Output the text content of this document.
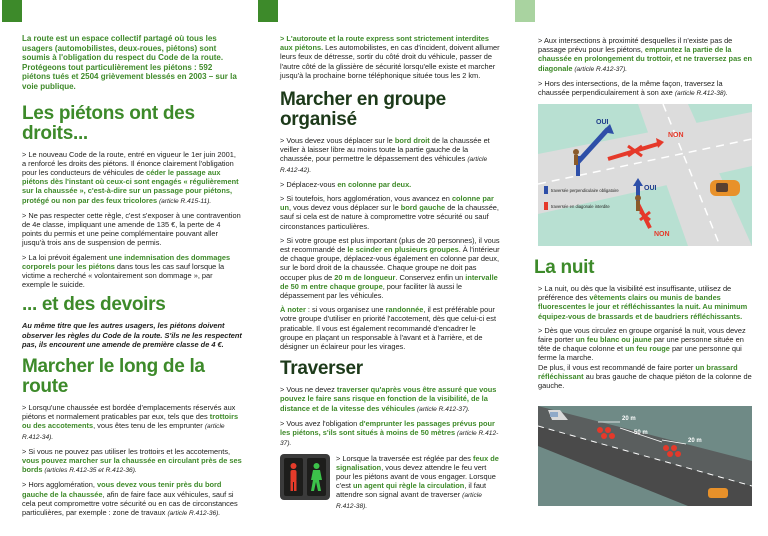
La route est un espace collectif partagé où tous les usagers (automobilistes, deux-roues, piétons) sont soumis à l'obligation du respect du Code de la route. Protégeons tout particulièrement les piétons : 592 piétons tués et 2504 grièvement blessés en 2003 – sur la voie publique.

Les piétons ont des droits...

> Le nouveau Code de la route, entré en vigueur le 1er juin 2001, a renforcé les droits des piétons. Il énonce clairement l'obligation pour les conducteurs de véhicules de céder le passage aux piétons dès l'instant où ceux-ci sont engagés « régulièrement sur la chaussée », c'est-à-dire sur un passage pour piétons, protégé ou non par des feux tricolores (article R.415-11).

> Ne pas respecter cette règle, c'est s'exposer à une contravention de 4e classe, impliquant une amende de 135 €, la perte de 4 points du permis et une peine complémentaire pouvant aller jusqu'à trois ans de suspension de permis.

> La loi prévoit également une indemnisation des dommages corporels pour les piétons dans tous les cas sauf lorsque la victime a recherché « volontairement son dommage », par exemple le suicide.

... et des devoirs

Au même titre que les autres usagers, les piétons doivent observer les règles du Code de la route. S'ils ne les respectent pas, ils encourent une amende de première classe de 4 €.

Marcher le long de la route

> Lorsqu'une chaussée est bordée d'emplacements réservés aux piétons et normalement praticables par eux, tels que des trottoirs ou des accotements, vous êtes tenu de les emprunter (article R.412-34).

> Si vous ne pouvez pas utiliser les trottoirs et les accotements, vous pouvez marcher sur la chaussée en circulant près de ses bords (articles R.412-35 et R.412-36).

> Hors agglomération, vous devez vous tenir près du bord gauche de la chaussée, afin de faire face aux véhicules, sauf si cela peut compromettre votre sécurité ou en cas de circonstances particulières, par exemple : zone de travaux (article R.412-36).

> L'autoroute et la route express sont strictement interdites aux piétons. Les automobilistes, en cas d'incident, doivent allumer leurs feux de détresse, sortir du côté droit du véhicule, passer de l'autre côté de la glissière de sécurité lorsqu'elle existe et marcher jusqu'à la prochaine borne téléphonique située tous les 2 km.

Marcher en groupe organisé

> Vous devez vous déplacer sur le bord droit de la chaussée et veiller à laisser libre au moins toute la partie gauche de la chaussée, pour permettre le dépassement des véhicules (article R.412-42).

> Déplacez-vous en colonne par deux.

> Si toutefois, hors agglomération, vous avancez en colonne par un, vous devez vous déplacer sur le bord gauche de la chaussée, sauf si cela est de nature à compromettre votre sécurité ou sauf circonstances particulières.

> Si votre groupe est plus important (plus de 20 personnes), il vous est recommandé de le scinder en plusieurs groupes. À l'intérieur de chaque groupe, déplacez-vous également en colonne par deux, sur le bord droit de la chaussée. Chaque groupe ne doit pas occuper plus de 20 m de longueur. Conservez enfin un intervalle de 50 m entre chaque groupe, pour faciliter là aussi le dépassement par les véhicules.

À noter : si vous organisez une randonnée, il est préférable pour votre groupe d'utiliser en priorité l'accotement, dès que celui-ci est praticable. Il vous est également recommandé d'encadrer le groupe en plaçant un responsable à l'avant et à l'arrière, et de désigner un éclaireur pour les virages.

Traverser

> Vous ne devez traverser qu'après vous être assuré que vous pouvez le faire sans risque en fonction de la visibilité, de la distance et de la vitesse des véhicules (article R.412-37).

> Vous avez l'obligation d'emprunter les passages prévus pour les piétons, s'ils sont situés à moins de 50 mètres (article R.412-37).

> Lorsque la traversée est réglée par des feux de signalisation, vous devez attendre le feu vert pour les piétons avant de vous engager. Lorsque c'est un agent qui règle la circulation, il faut attendre son signal avant de traverser (article R.412-38).

> Aux intersections à proximité desquelles il n'existe pas de passage prévu pour les piétons, empruntez la partie de la chaussée en prolongement du trottoir, et ne traversez pas en diagonale (article R.412-37).

> Hors des intersections, de la même façon, traversez la chaussée perpendiculairement à son axe (article R.412-38).

OUI
NON
OUI
NON
traversée perpendiculaire obligatoire
traversée en diagonale interdite
La nuit

> La nuit, ou dès que la visibilité est insuffisante, utilisez de préférence des vêtements clairs ou munis de bandes fluorescentes le jour et réfléchissantes la nuit. Au minimum équipez-vous de brassards et de baudriers réfléchissants.

> Dès que vous circulez en groupe organisé la nuit, vous devez faire porter un feu blanc ou jaune par une personne située en tête de chaque colonne et un feu rouge par une personne qui ferme la marche.

De plus, il vous est recommandé de faire porter un brassard réfléchissant au bras gauche de chaque piéton de la colonne de gauche.

20 m
50 m
20 m
